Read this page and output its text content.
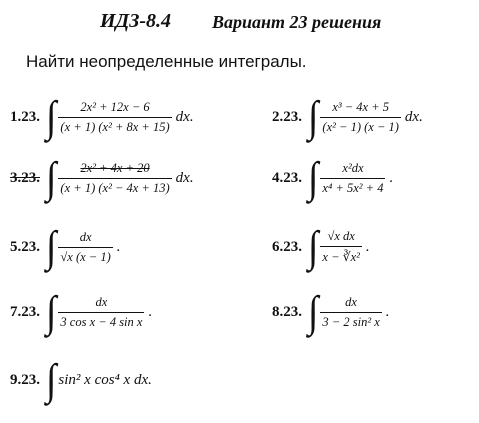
ИДЗ-8.4 Вариант 23 решения
Найти неопределенные интегралы.
1.23. ∫ $\frac{\text{2x² + 12x − 6}}{\text{(x + 1) (x² + 8x + 15)}}$ dx.	2.23. ∫ $\frac{\text{x³ − 4x + 5}}{\text{(x² − 1) (x − 1)}}$ dx.
3.23. ∫ $\frac{\text{2x² + 4x + 20}}{\text{(x + 1) (x² − 4x + 13)}}$ dx.	4.23. ∫ $\frac{\text{x²dx}}{\text{x⁴ + 5x² + 4}}$ .
5.23. ∫ $\frac{dx}{√x (x - 1)}$ .	6.23. ∫ $\frac{\text{√x dx}}{\text{x − ∛x²}}$ .
7.23. ∫ $\frac{dx}{\text{3 cos x − 4 sin x}}$ .	8.23. ∫ $\frac{dx}{\text{3 − 2 sin² x}}$ .
9.23. ∫ sin² x cos⁴ x dx.
